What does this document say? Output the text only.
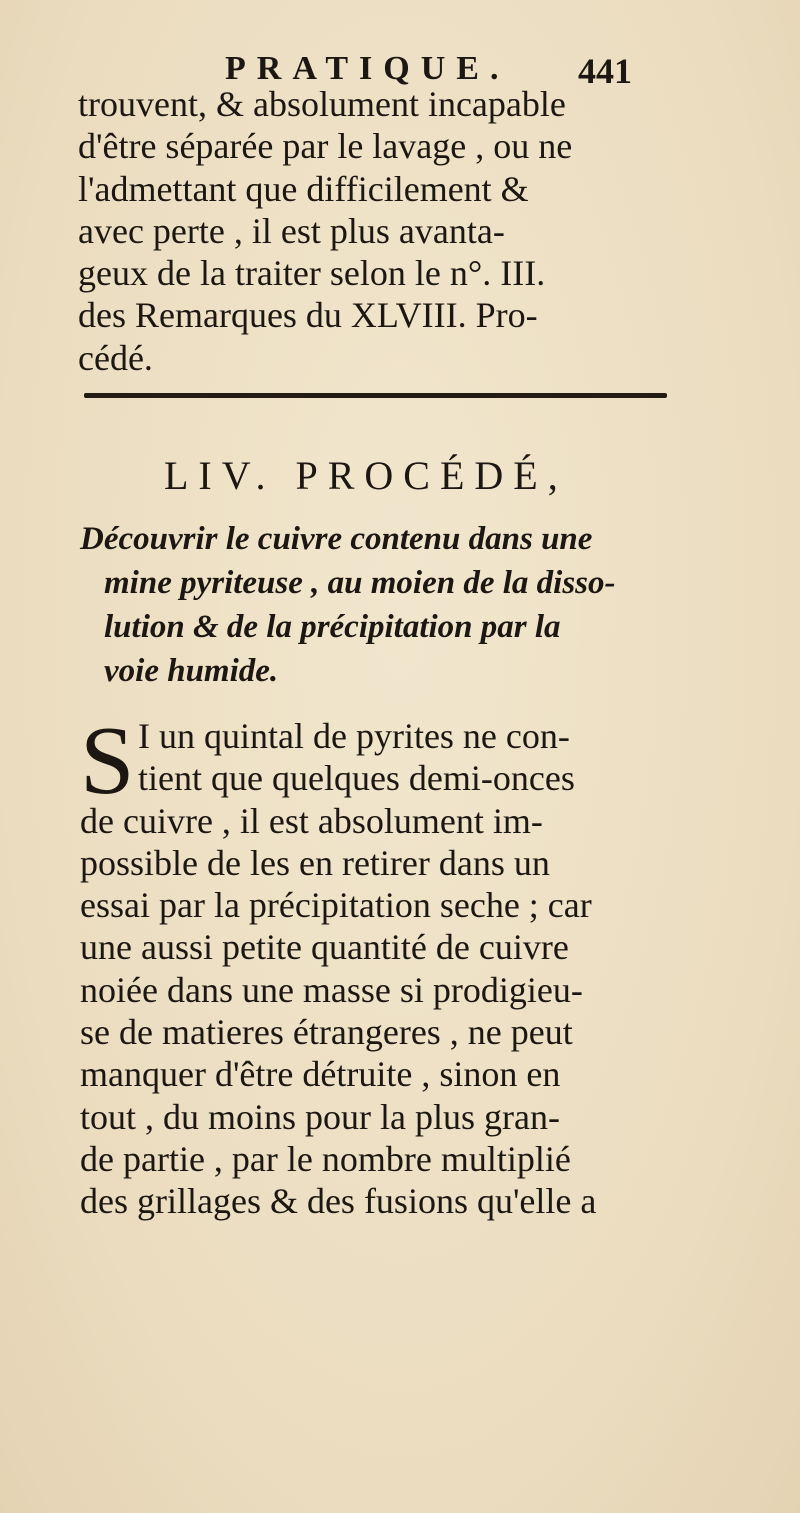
PRATIQUE. 441
trouvent, & absolument incapable
d'être séparée par le lavage , ou ne
l'admettant que difficilement &
avec perte , il est plus avanta-
geux de la traiter selon le n°. III.
des Remarques du XLVIII. Pro-
cédé.
LIV. PROCÉDÉ,
Découvrir le cuivre contenu dans une
mine pyriteuse , au moien de la disso-
lution & de la précipitation par la
voie humide.
S I un quintal de pyrites ne con-
tient que quelques demi-onces
de cuivre , il est absolument im-
possible de les en retirer dans un
essai par la précipitation seche ; car
une aussi petite quantité de cuivre
noiée dans une masse si prodigieu-
se de matieres étrangeres , ne peut
manquer d'être détruite , sinon en
tout , du moins pour la plus gran-
de partie , par le nombre multiplié
des grillages & des fusions qu'elle a
